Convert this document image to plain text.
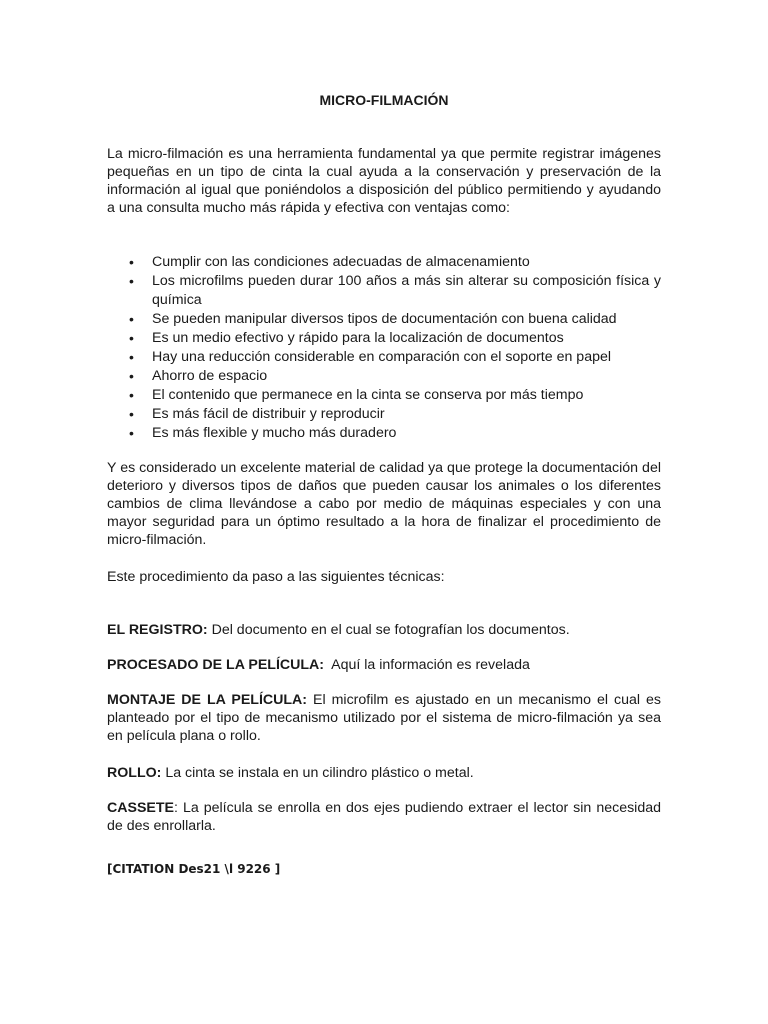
MICRO-FILMACIÓN

La micro-filmación es una herramienta fundamental ya que permite registrar imágenes pequeñas en un tipo de cinta la cual ayuda a la conservación y preservación de la información al igual que poniéndolos a disposición del público permitiendo y ayudando a una consulta mucho más rápida y efectiva con ventajas como:

• Cumplir con las condiciones adecuadas de almacenamiento
• Los microfilms pueden durar 100 años a más sin alterar su composición física y química
• Se pueden manipular diversos tipos de documentación con buena calidad
• Es un medio efectivo y rápido para la localización de documentos
• Hay una reducción considerable en comparación con el soporte en papel
• Ahorro de espacio
• El contenido que permanece en la cinta se conserva por más tiempo
• Es más fácil de distribuir y reproducir
• Es más flexible y mucho más duradero

Y es considerado un excelente material de calidad ya que protege la documentación del deterioro y diversos tipos de daños que pueden causar los animales o los diferentes cambios de clima llevándose a cabo por medio de máquinas especiales y con una mayor seguridad para un óptimo resultado a la hora de finalizar el procedimiento de micro-filmación.

Este procedimiento da paso a las siguientes técnicas:

EL REGISTRO: Del documento en el cual se fotografían los documentos.

PROCESADO DE LA PELÍCULA:  Aquí la información es revelada

MONTAJE DE LA PELÍCULA: El microfilm es ajustado en un mecanismo el cual es planteado por el tipo de mecanismo utilizado por el sistema de micro-filmación ya sea en película plana o rollo.

ROLLO: La cinta se instala en un cilindro plástico o metal.

CASSETE: La película se enrolla en dos ejes pudiendo extraer el lector sin necesidad de des enrollarla.

[CITATION Des21 \l 9226 ]
